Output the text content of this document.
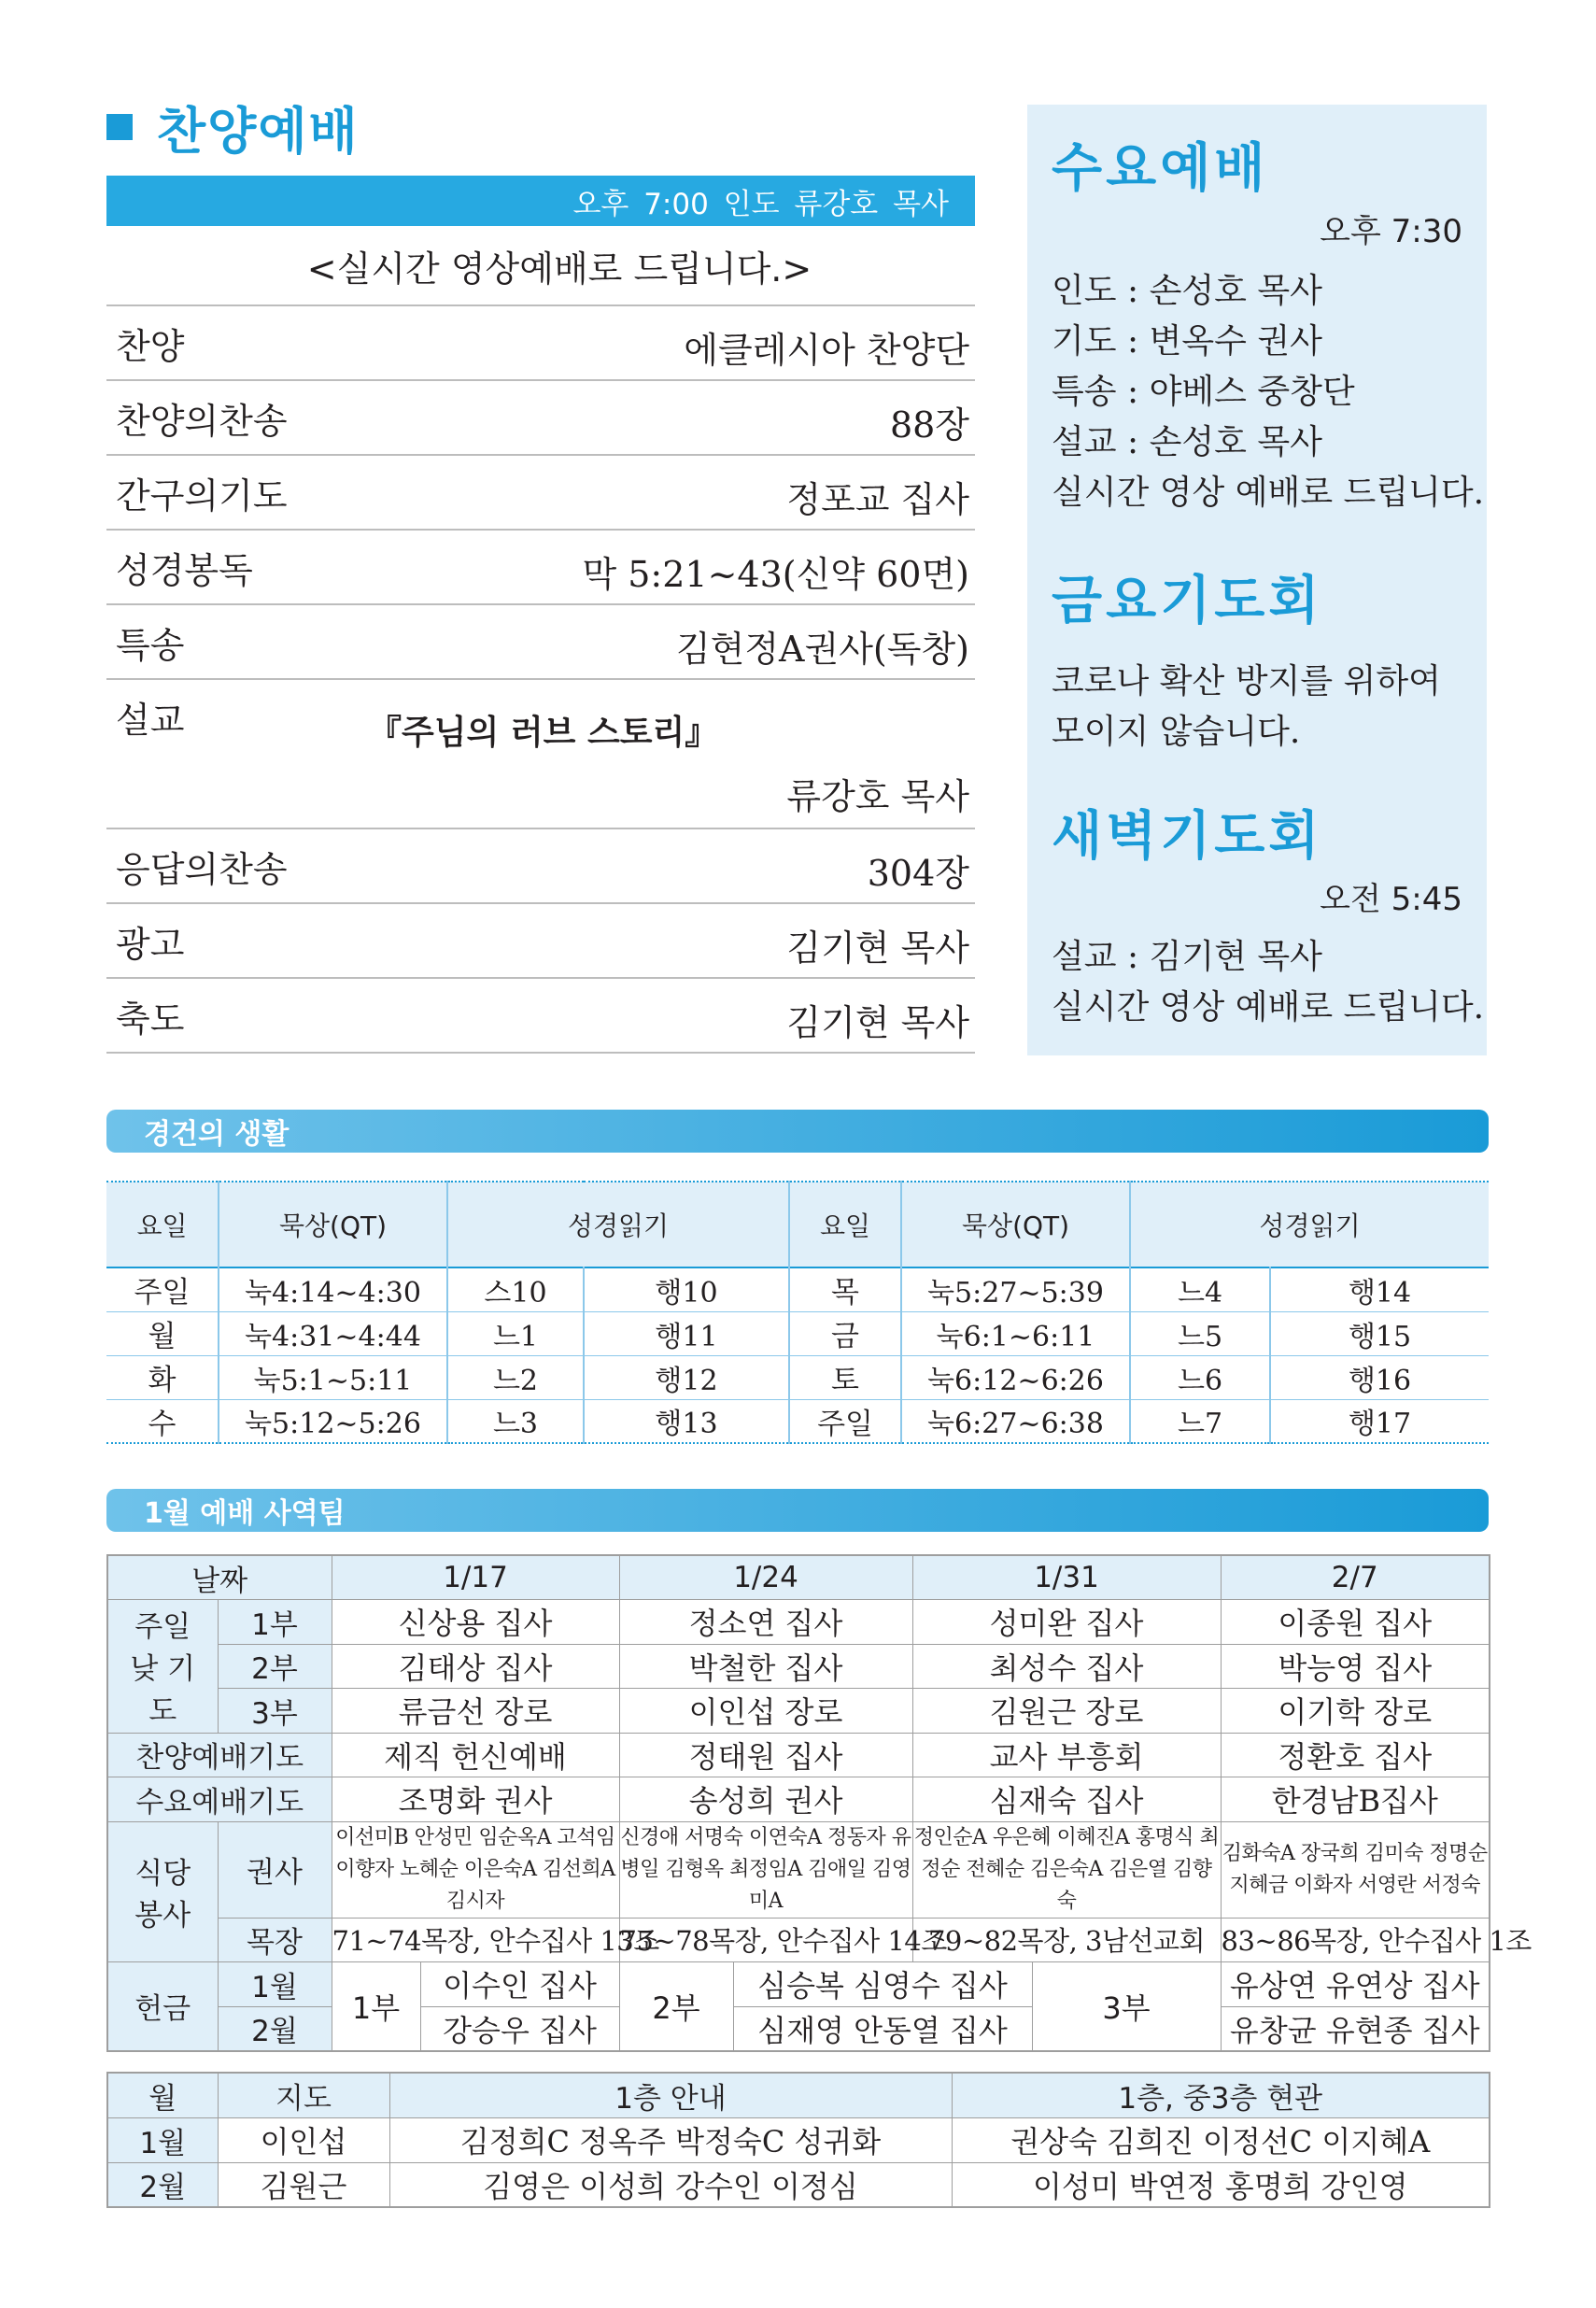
찬양예배
오후 7:00 인도 류강호 목사
<실시간 영상예배로 드립니다.>
찬양	에클레시아 찬양단
찬양의찬송	88장
간구의기도	정포교 집사
성경봉독	막 5:21~43(신약 60면)
특송	김현정A권사(독창)
설교	『주님의 러브 스토리』
류강호 목사
응답의찬송	304장
광고	김기현 목사
축도	김기현 목사
수요예배
오후 7:30
인도 : 손성호 목사
기도 : 변옥수 권사
특송 : 야베스 중창단
설교 : 손성호 목사
실시간 영상 예배로 드립니다.
금요기도회
코로나 확산 방지를 위하여
모이지 않습니다.
새벽기도회
오전 5:45
설교 : 김기현 목사
실시간 영상 예배로 드립니다.
경건의 생활
요일	묵상(QT)	성경읽기		요일	묵상(QT)	성경읽기	
주일	눅4:14~4:30	스10	행10	목	눅5:27~5:39	느4	행14
월	눅4:31~4:44	느1	행11	금	눅6:1~6:11	느5	행15
화	눅5:1~5:11	느2	행12	토	눅6:12~6:26	느6	행16
수	눅5:12~5:26	느3	행13	주일	눅6:27~6:38	느7	행17
1월 예배 사역팀
날짜		1/17		1/24		1/31		2/7
주일낮 기도	1부	신상용 집사		정소연 집사		성미완 집사		이종원 집사
	2부	김태상 집사		박철한 집사		최성수 집사		박능영 집사
	3부	류금선 장로		이인섭 장로		김원근 장로		이기학 장로
찬양예배기도		제직 헌신예배		정태원 집사		교사 부흥회		정환호 집사
수요예배기도		조명화 권사		송성희 권사		심재숙 집사		한경남B집사
식당 봉사	권사	이선미B 안성민 임순옥A 고석임 이향자 노혜순 이은숙A 김선희A 김시자		신경애 서명숙 이연숙A 정동자 유병일 김형옥 최정임A 김애일 김영미A		정인순A 우은혜 이혜진A 홍명식 최정순 전혜순 김은숙A 김은열 김향숙		김화숙A 장국희 김미숙 정명순 지혜금 이화자 서영란 서정숙
	목장	71~74목장, 안수집사 13조		75~78목장, 안수집사 14조		79~82목장, 3남선교회		83~86목장, 안수집사 1조
헌금	1월	1부	이수인 집사	2부	심승복 심영수 집사		3부	유상연 유연상 집사
	2월		강승우 집사		심재영 안동열 집사			유창균 유현종 집사
월	지도	1층 안내	1층, 중3층 현관
1월	이인섭	김정희C 정옥주 박정숙C 성귀화	권상숙 김희진 이정선C 이지혜A
2월	김원근	김영은 이성희 강수인 이정심	이성미 박연정 홍명희 강인영
